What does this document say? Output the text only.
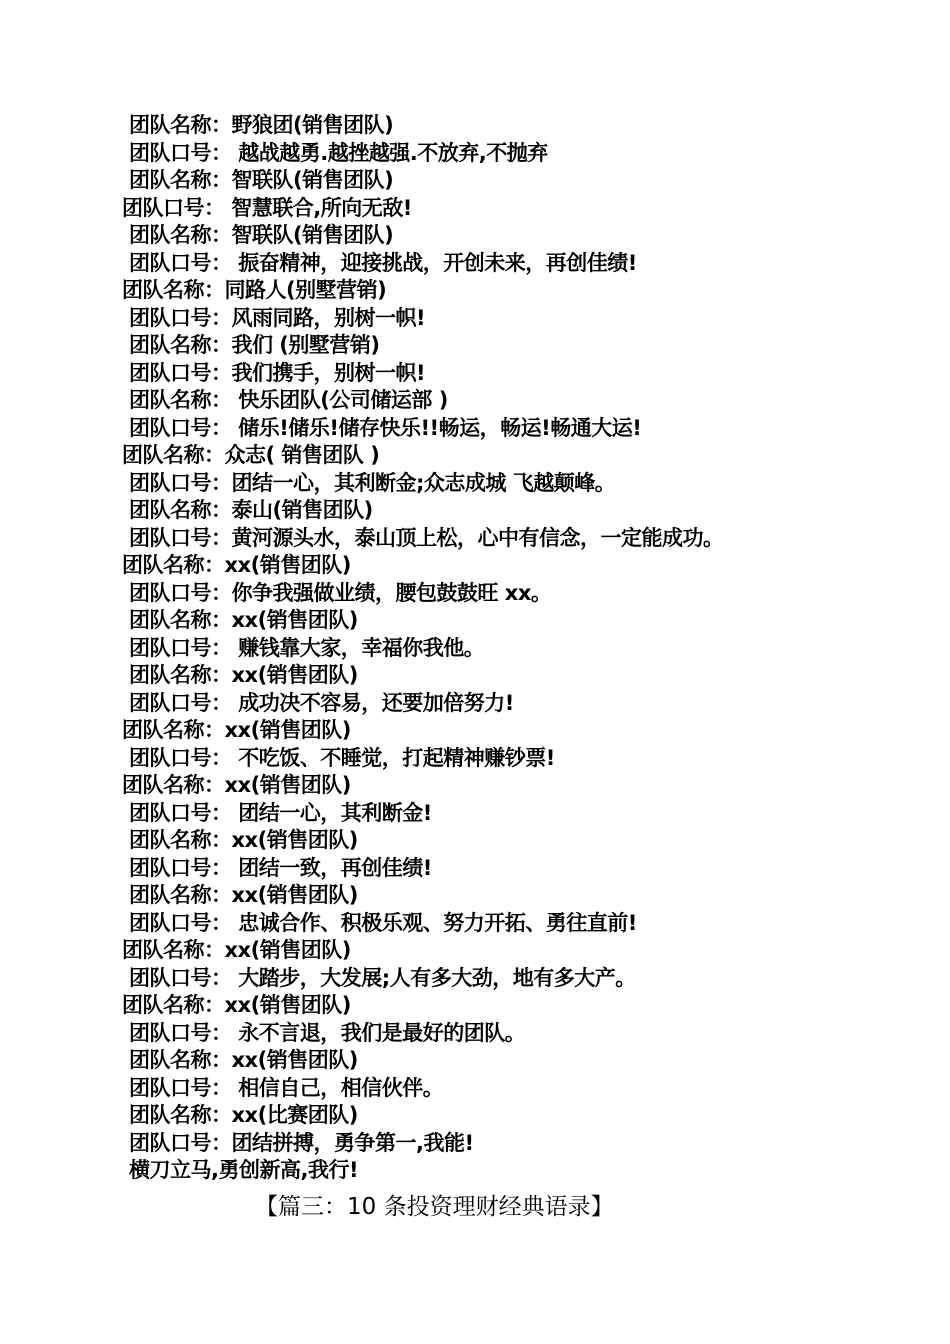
团队名称：野狼团(销售团队)
团队口号： 越战越勇.越挫越强.不放弃,不抛弃
团队名称：智联队(销售团队)
团队口号： 智慧联合,所向无敌!
团队名称：智联队(销售团队)
团队口号： 振奋精神，迎接挑战，开创未来，再创佳绩!
团队名称：同路人(别墅营销)
团队口号：风雨同路，别树一帜!
团队名称：我们 (别墅营销)
团队口号：我们携手，别树一帜!
团队名称： 快乐团队(公司储运部 )
团队口号： 储乐!储乐!储存快乐!!畅运，畅运!畅通大运!
团队名称：众志( 销售团队 )
团队口号：团结一心，其利断金;众志成城 飞越颠峰。
团队名称：泰山(销售团队)
团队口号：黄河源头水，泰山顶上松，心中有信念，一定能成功。
团队名称：xx(销售团队)
团队口号：你争我强做业绩，腰包鼓鼓旺 xx。
团队名称：xx(销售团队)
团队口号： 赚钱靠大家，幸福你我他。
团队名称：xx(销售团队)
团队口号： 成功决不容易，还要加倍努力!
团队名称：xx(销售团队)
团队口号： 不吃饭、不睡觉，打起精神赚钞票!
团队名称：xx(销售团队)
团队口号： 团结一心，其利断金!
团队名称：xx(销售团队)
团队口号： 团结一致，再创佳绩!
团队名称：xx(销售团队)
团队口号： 忠诚合作、积极乐观、努力开拓、勇往直前!
团队名称：xx(销售团队)
团队口号： 大踏步，大发展;人有多大劲，地有多大产。
团队名称：xx(销售团队)
团队口号： 永不言退，我们是最好的团队。
团队名称：xx(销售团队)
团队口号： 相信自己，相信伙伴。
团队名称：xx(比赛团队)
团队口号：团结拼搏，勇争第一,我能!
横刀立马,勇创新高,我行!
【篇三：10 条投资理财经典语录】
